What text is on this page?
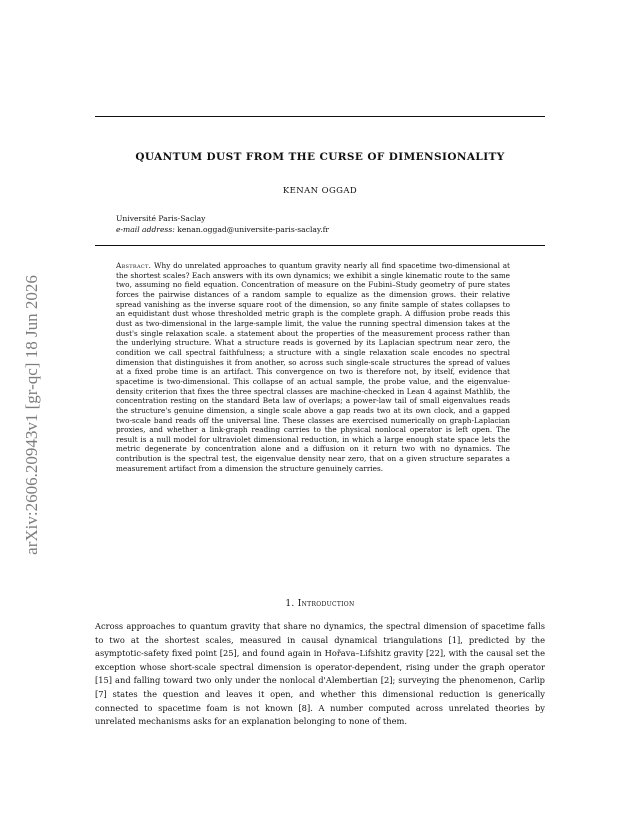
arXiv:2606.20943v1 [gr-qc] 18 Jun 2026
QUANTUM DUST FROM THE CURSE OF DIMENSIONALITY
KENAN OGGAD
Université Paris-Saclay
e-mail address: kenan.oggad@universite-paris-saclay.fr
Abstract. Why do unrelated approaches to quantum gravity nearly all find spacetime two-dimensional at the shortest scales? Each answers with its own dynamics; we exhibit a single kinematic route to the same two, assuming no field equation. Concentration of measure on the Fubini–Study geometry of pure states forces the pairwise distances of a random sample to equalize as the dimension grows. their relative spread vanishing as the inverse square root of the dimension, so any finite sample of states collapses to an equidistant dust whose thresholded metric graph is the complete graph. A diffusion probe reads this dust as two-dimensional in the large-sample limit, the value the running spectral dimension takes at the dust's single relaxation scale. a statement about the properties of the measurement process rather than the underlying structure. What a structure reads is governed by its Laplacian spectrum near zero, the condition we call spectral faithfulness; a structure with a single relaxation scale encodes no spectral dimension that distinguishes it from another, so across such single-scale structures the spread of values at a fixed probe time is an artifact. This convergence on two is therefore not, by itself, evidence that spacetime is two-dimensional. This collapse of an actual sample, the probe value, and the eigenvalue-density criterion that fixes the three spectral classes are machine-checked in Lean 4 against Mathlib, the concentration resting on the standard Beta law of overlaps; a power-law tail of small eigenvalues reads the structure's genuine dimension, a single scale above a gap reads two at its own clock, and a gapped two-scale band reads off the universal line. These classes are exercised numerically on graph-Laplacian proxies, and whether a link-graph reading carries to the physical nonlocal operator is left open. The result is a null model for ultraviolet dimensional reduction, in which a large enough state space lets the metric degenerate by concentration alone and a diffusion on it return two with no dynamics. The contribution is the spectral test, the eigenvalue density near zero, that on a given structure separates a measurement artifact from a dimension the structure genuinely carries.
1. Introduction
Across approaches to quantum gravity that share no dynamics, the spectral dimension of spacetime falls to two at the shortest scales, measured in causal dynamical triangulations [1], predicted by the asymptotic-safety fixed point [25], and found again in Hořava–Lifshitz gravity [22], with the causal set the exception whose short-scale spectral dimension is operator-dependent, rising under the graph operator [15] and falling toward two only under the nonlocal d'Alembertian [2]; surveying the phenomenon, Carlip [7] states the question and leaves it open, and whether this dimensional reduction is generically connected to spacetime foam is not known [8]. A number computed across unrelated theories by unrelated mechanisms asks for an explanation belonging to none of them.
